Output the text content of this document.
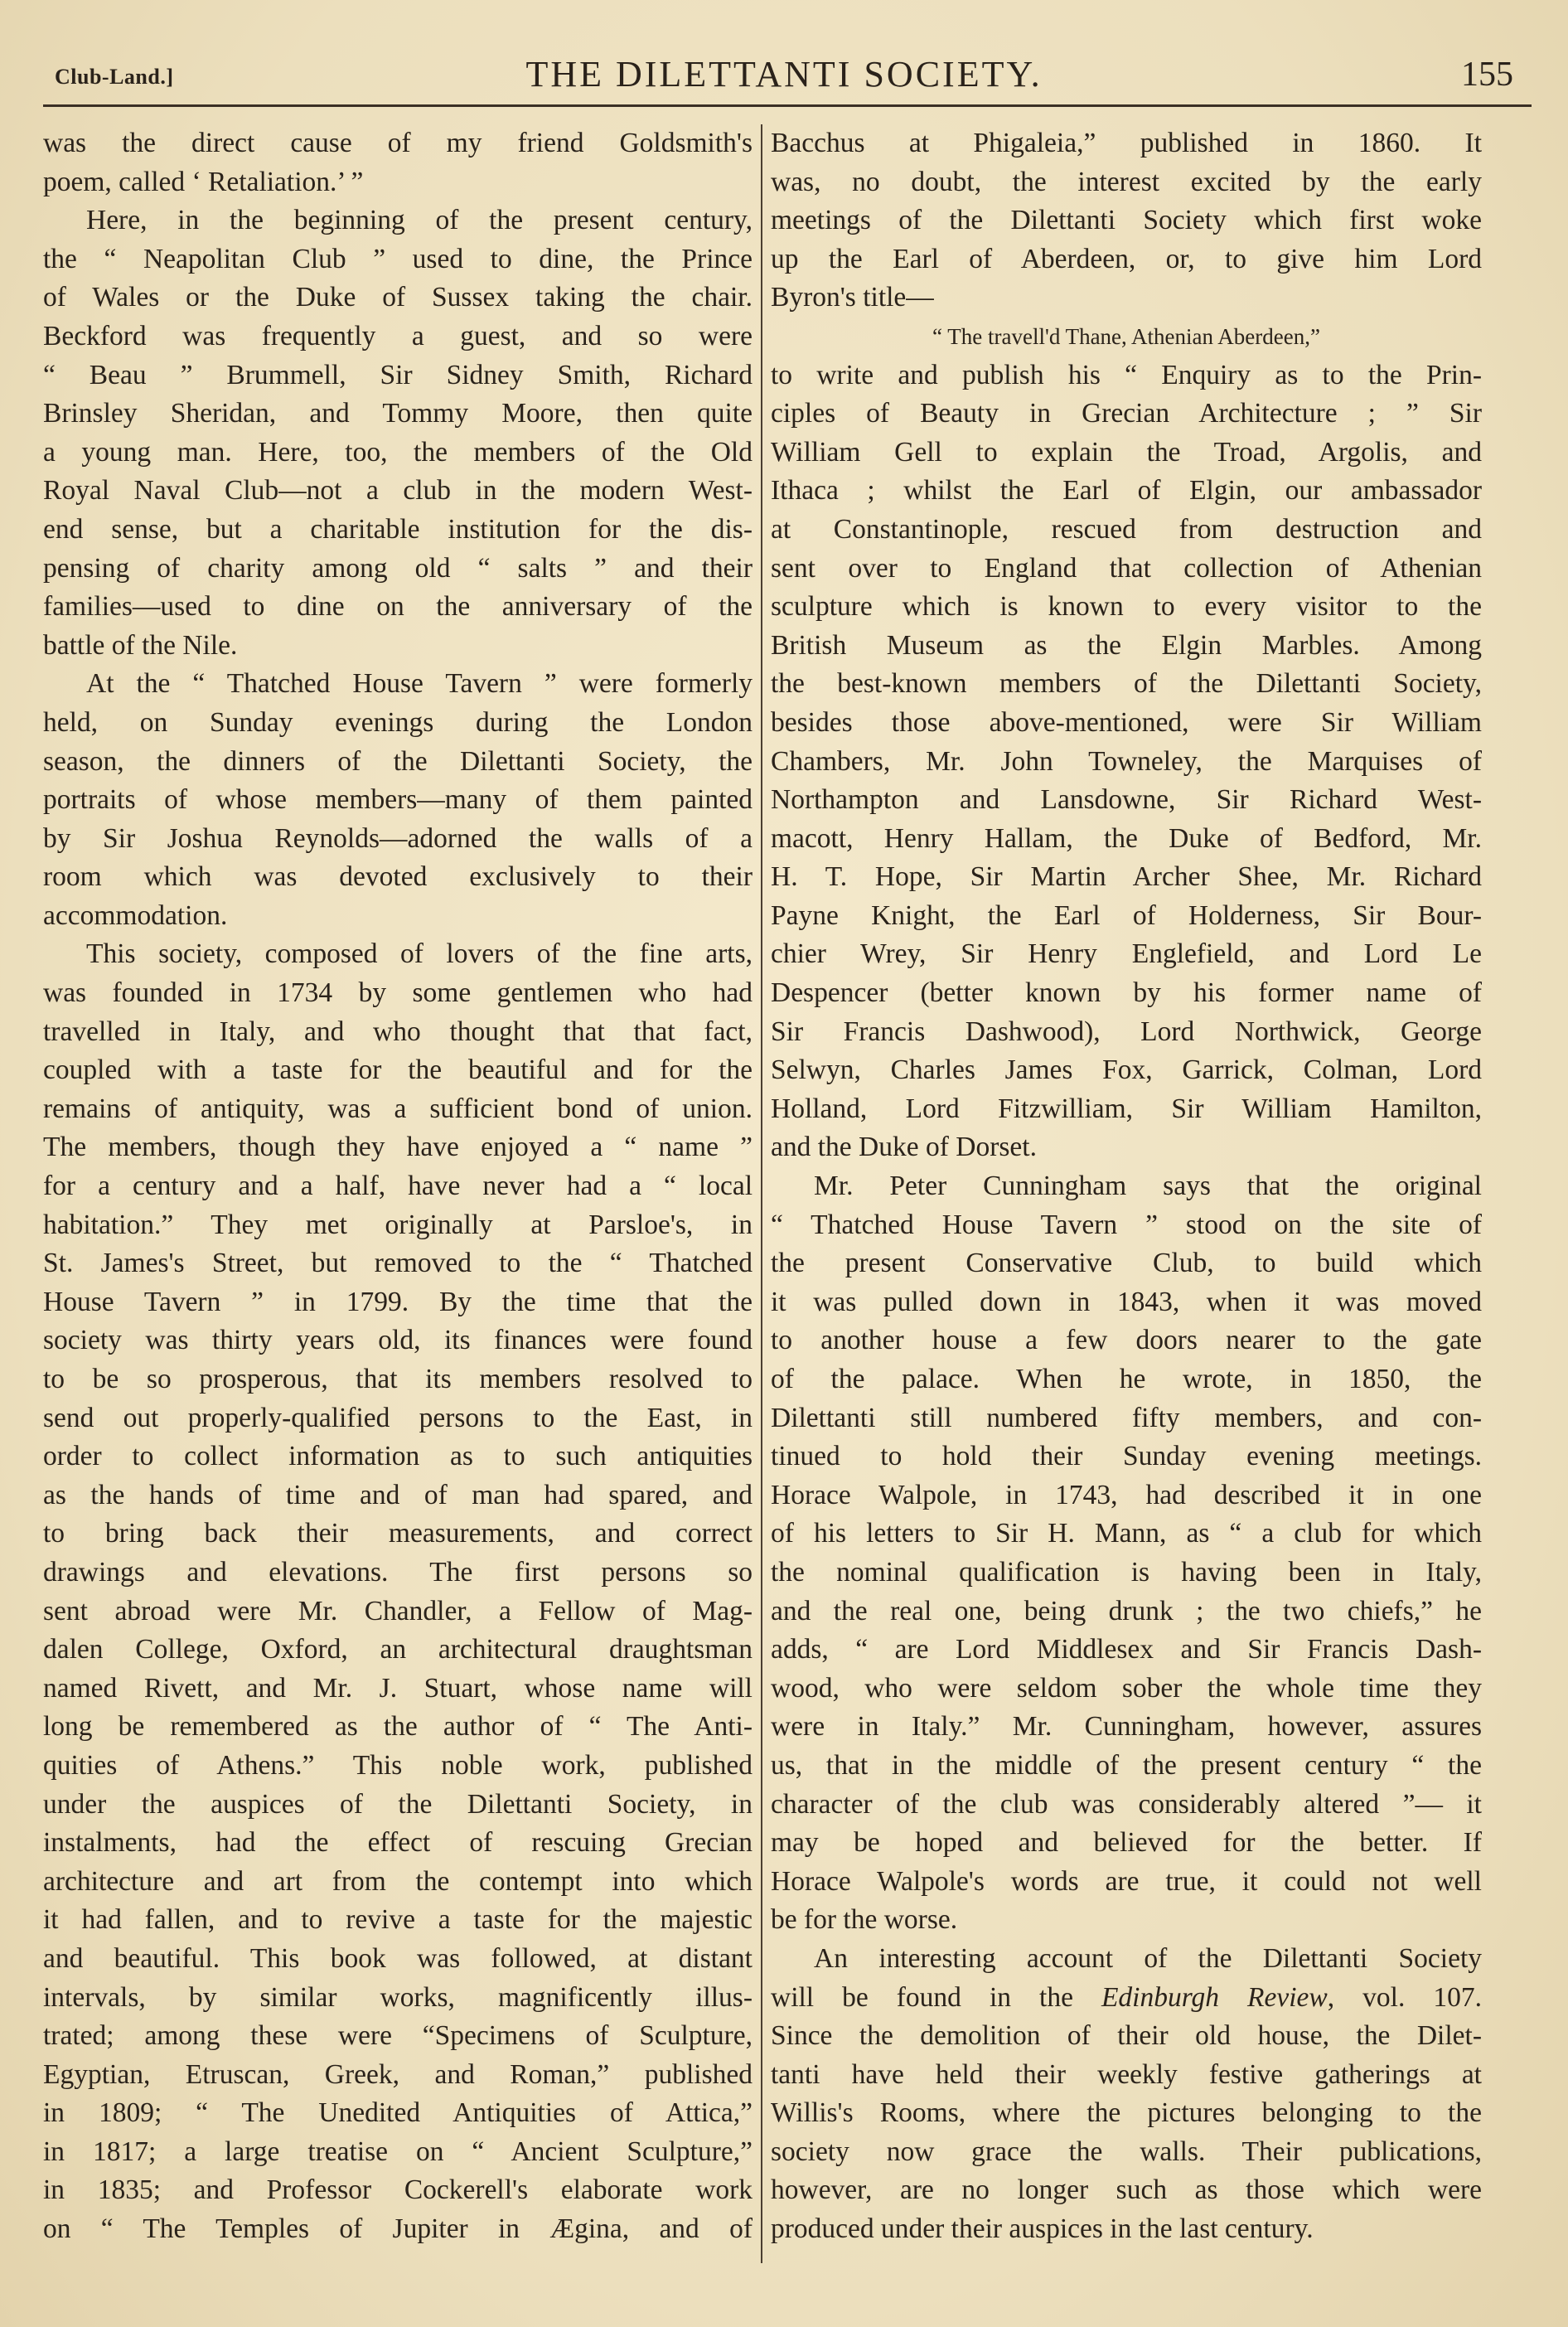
Club-Land.]	THE DILETTANTI SOCIETY.	155
was the direct cause of my friend Goldsmith's
poem, called ‘ Retaliation.’ ”
Here, in the beginning of the present century,
the “ Neapolitan Club ” used to dine, the Prince
of Wales or the Duke of Sussex taking the chair.
Beckford was frequently a guest, and so were
“ Beau ” Brummell, Sir Sidney Smith, Richard
Brinsley Sheridan, and Tommy Moore, then quite
a young man. Here, too, the members of the Old
Royal Naval Club—not a club in the modern West-
end sense, but a charitable institution for the dis-
pensing of charity among old “ salts ” and their
families—used to dine on the anniversary of the
battle of the Nile.
At the “ Thatched House Tavern ” were formerly
held, on Sunday evenings during the London
season, the dinners of the Dilettanti Society, the
portraits of whose members—many of them painted
by Sir Joshua Reynolds—adorned the walls of a
room which was devoted exclusively to their
accommodation.
This society, composed of lovers of the fine arts,
was founded in 1734 by some gentlemen who had
travelled in Italy, and who thought that that fact,
coupled with a taste for the beautiful and for the
remains of antiquity, was a sufficient bond of union.
The members, though they have enjoyed a “ name ”
for a century and a half, have never had a “ local
habitation.” They met originally at Parsloe's, in
St. James's Street, but removed to the “ Thatched
House Tavern ” in 1799. By the time that the
society was thirty years old, its finances were found
to be so prosperous, that its members resolved to
send out properly-qualified persons to the East, in
order to collect information as to such antiquities
as the hands of time and of man had spared, and
to bring back their measurements, and correct
drawings and elevations. The first persons so
sent abroad were Mr. Chandler, a Fellow of Mag-
dalen College, Oxford, an architectural draughtsman
named Rivett, and Mr. J. Stuart, whose name will
long be remembered as the author of “ The Anti-
quities of Athens.” This noble work, published
under the auspices of the Dilettanti Society, in
instalments, had the effect of rescuing Grecian
architecture and art from the contempt into which
it had fallen, and to revive a taste for the majestic
and beautiful. This book was followed, at distant
intervals, by similar works, magnificently illus-
trated; among these were “Specimens of Sculpture,
Egyptian, Etruscan, Greek, and Roman,” published
in 1809; “ The Unedited Antiquities of Attica,”
in 1817; a large treatise on “ Ancient Sculpture,”
in 1835; and Professor Cockerell's elaborate work
on “ The Temples of Jupiter in Ægina, and of
Bacchus at Phigaleia,” published in 1860. It
was, no doubt, the interest excited by the early
meetings of the Dilettanti Society which first woke
up the Earl of Aberdeen, or, to give him Lord
Byron's title—
“ The travell'd Thane, Athenian Aberdeen,”
to write and publish his “ Enquiry as to the Prin-
ciples of Beauty in Grecian Architecture ; ” Sir
William Gell to explain the Troad, Argolis, and
Ithaca ; whilst the Earl of Elgin, our ambassador
at Constantinople, rescued from destruction and
sent over to England that collection of Athenian
sculpture which is known to every visitor to the
British Museum as the Elgin Marbles. Among
the best-known members of the Dilettanti Society,
besides those above-mentioned, were Sir William
Chambers, Mr. John Towneley, the Marquises of
Northampton and Lansdowne, Sir Richard West-
macott, Henry Hallam, the Duke of Bedford, Mr.
H. T. Hope, Sir Martin Archer Shee, Mr. Richard
Payne Knight, the Earl of Holderness, Sir Bour-
chier Wrey, Sir Henry Englefield, and Lord Le
Despencer (better known by his former name of
Sir Francis Dashwood), Lord Northwick, George
Selwyn, Charles James Fox, Garrick, Colman, Lord
Holland, Lord Fitzwilliam, Sir William Hamilton,
and the Duke of Dorset.
Mr. Peter Cunningham says that the original
“ Thatched House Tavern ” stood on the site of
the present Conservative Club, to build which
it was pulled down in 1843, when it was moved
to another house a few doors nearer to the gate
of the palace. When he wrote, in 1850, the
Dilettanti still numbered fifty members, and con-
tinued to hold their Sunday evening meetings.
Horace Walpole, in 1743, had described it in one
of his letters to Sir H. Mann, as “ a club for which
the nominal qualification is having been in Italy,
and the real one, being drunk ; the two chiefs,” he
adds, “ are Lord Middlesex and Sir Francis Dash-
wood, who were seldom sober the whole time they
were in Italy.” Mr. Cunningham, however, assures
us, that in the middle of the present century “ the
character of the club was considerably altered ”— it
may be hoped and believed for the better. If
Horace Walpole's words are true, it could not well
be for the worse.
An interesting account of the Dilettanti Society
will be found in the Edinburgh Review, vol. 107.
Since the demolition of their old house, the Dilet-
tanti have held their weekly festive gatherings at
Willis's Rooms, where the pictures belonging to the
society now grace the walls. Their publications,
however, are no longer such as those which were
produced under their auspices in the last century.
